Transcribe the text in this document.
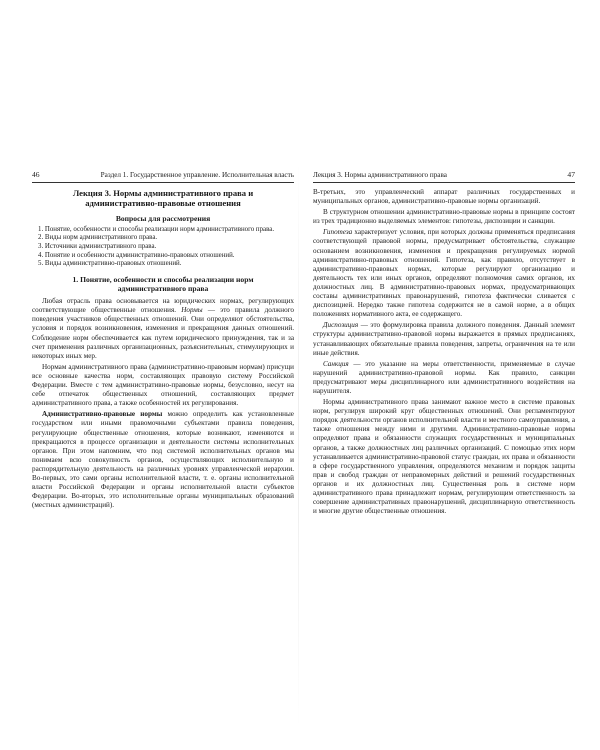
46	Раздел 1. Государственное управление. Исполнительная власть
Лекция 3. Нормы административного права и административно-правовые отношения
Вопросы для рассмотрения
1. Понятие, особенности и способы реализации норм административного права.
2. Виды норм административного права.
3. Источники административного права.
4. Понятие и особенности административно-правовых отношений.
5. Виды административно-правовых отношений.
1. Понятие, особенности и способы реализации норм административного права

Любая отрасль права основывается на юридических нормах, регулирующих соответствующие общественные отношения. Нормы — это правила должного поведения участников общественных отношений. Они определяют обстоятельства, условия и порядок возникновения, изменения и прекращения данных отношений. Соблюдение норм обеспечивается как путем юридического принуждения, так и за счет применения различных организационных, разъяснительных, стимулирующих и некоторых иных мер.

Нормам административного права (административно-правовым нормам) присущи все основные качества норм, составляющих правовую систему Российской Федерации. Вместе с тем административно-правовые нормы, безусловно, несут на себе отпечаток общественных отношений, составляющих предмет административного права, а также особенностей их регулирования.

Административно-правовые нормы можно определить как установленные государством или иными правомочными субъектами правила поведения, регулирующие общественные отношения, которые возникают, изменяются и прекращаются в процессе организации и деятельности системы исполнительных органов. При этом напомним, что под системой исполнительных органов мы понимаем всю совокупность органов, осуществляющих исполнительную и распорядительную деятельность на различных уровнях управленческой иерархии. Во-первых, это сами органы исполнительной власти, т. е. органы исполнительной власти Российской Федерации и органы исполнительной власти субъектов Федерации. Во-вторых, это исполнительные органы муниципальных образований (местных администраций).

Лекция 3. Нормы административного права	47

В-третьих, это управленческий аппарат различных государственных и муниципальных органов, административно-правовые нормы организаций.

В структурном отношении административно-правовые нормы в принципе состоят из трех традиционно выделяемых элементов: гипотезы, диспозиции и санкции.

Гипотеза характеризует условия, при которых должны применяться предписания соответствующей правовой нормы, предусматривает обстоятельства, служащие основанием возникновения, изменения и прекращения регулируемых нормой административно-правовых отношений. Гипотеза, как правило, отсутствует в административно-правовых нормах, которые регулируют организацию и деятельность тех или иных органов, определяют полномочия самих органов, их должностных лиц. В административно-правовых нормах, предусматривающих составы административных правонарушений, гипотеза фактически сливается с диспозицией. Нередко также гипотеза содержится не в самой норме, а в общих положениях нормативного акта, ее содержащего.

Диспозиция — это формулировка правила должного поведения. Данный элемент структуры административно-правовой нормы выражается в прямых предписаниях, устанавливающих обязательные правила поведения, запреты, ограничения на те или иные действия.

Санкция — это указание на меры ответственности, применяемые в случае нарушений административно-правовой нормы. Как правило, санкции предусматривают меры дисциплинарного или административного воздействия на нарушителя.

Нормы административного права занимают важное место в системе правовых норм, регулируя широкий круг общественных отношений. Они регламентируют порядок деятельности органов исполнительной власти и местного самоуправления, а также отношения между ними и другими. Административно-правовые нормы определяют права и обязанности служащих государственных и муниципальных органов, а также должностных лиц различных организаций. С помощью этих норм устанавливается административно-правовой статус граждан, их права и обязанности в сфере государственного управления, определяются механизм и порядок защиты прав и свобод граждан от неправомерных действий и решений государственных органов и их должностных лиц. Существенная роль в системе норм административного права принадлежит нормам, регулирующим ответственность за совершение административных правонарушений, дисциплинарную ответственность и многие другие общественные отношения.
